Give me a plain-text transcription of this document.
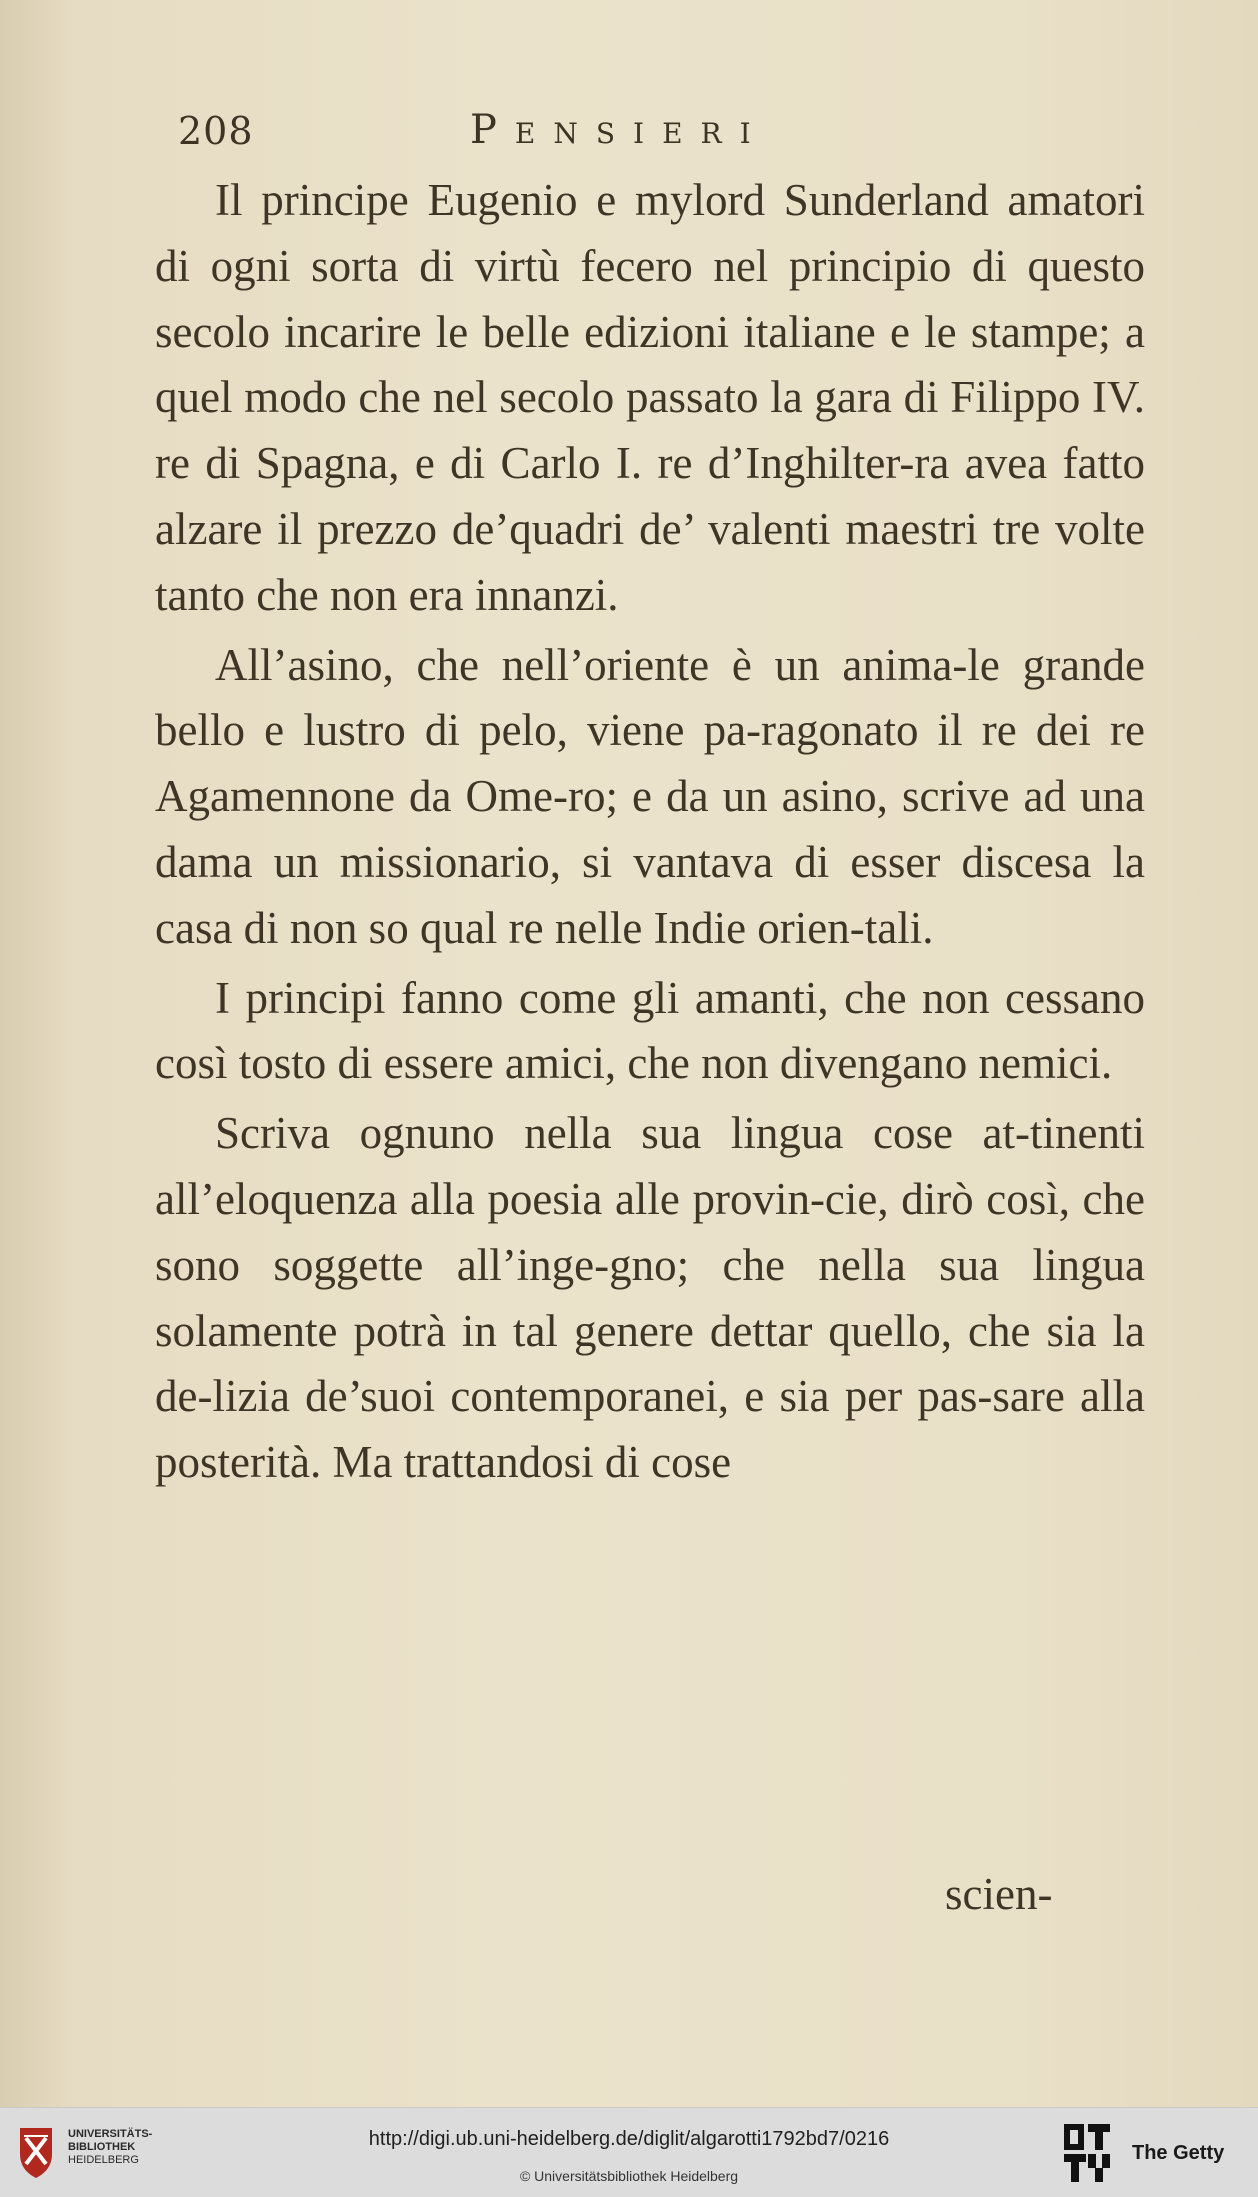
208	Pensieri

Il principe Eugenio e mylord Sunderland amatori di ogni sorta di virtù fecero nel principio di questo secolo incarire le belle edizioni italiane e le stampe; a quel modo che nel secolo passato la gara di Filippo IV. re di Spagna, e di Carlo I. re d’Inghilter-ra avea fatto alzare il prezzo de’quadri de’ valenti maestri tre volte tanto che non era innanzi.

All’asino, che nell’oriente è un anima-le grande bello e lustro di pelo, viene pa-ragonato il re dei re Agamennone da Ome-ro; e da un asino, scrive ad una dama un missionario, si vantava di esser discesa la casa di non so qual re nelle Indie orien-tali.

I principi fanno come gli amanti, che non cessano così tosto di essere amici, che non divengano nemici.

Scriva ognuno nella sua lingua cose at-tinenti all’eloquenza alla poesia alle provin-cie, dirò così, che sono soggette all’inge-gno; che nella sua lingua solamente potrà in tal genere dettar quello, che sia la de-lizia de’suoi contemporanei, e sia per pas-sare alla posterità. Ma trattandosi di cose

scien-
UNIVERSITÄTS-
BIBLIOTHEK
HEIDELBERG
http://digi.ub.uni-heidelberg.de/diglit/algarotti1792bd7/0216
© Universitätsbibliothek Heidelberg
The Getty
